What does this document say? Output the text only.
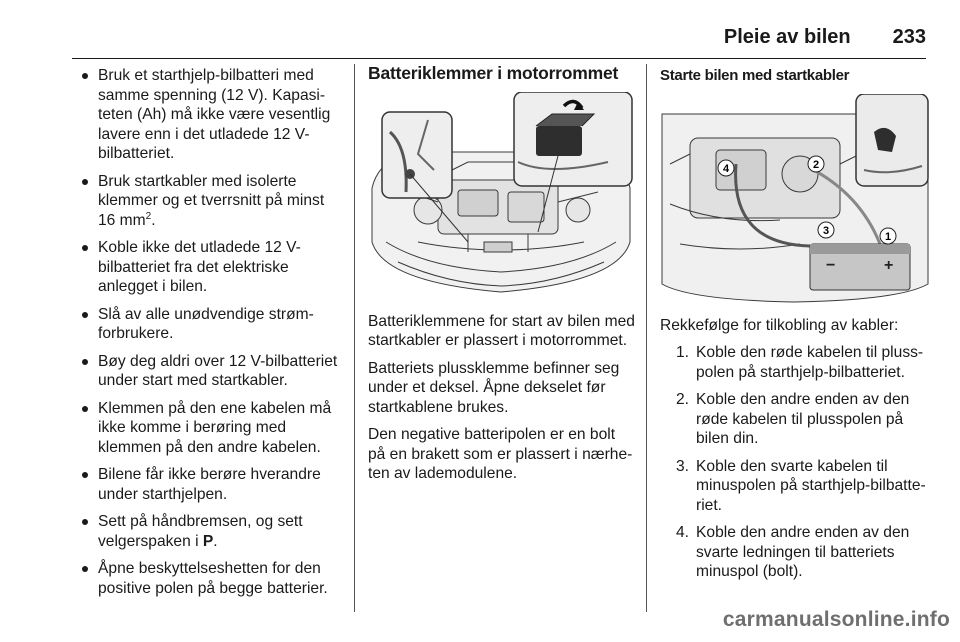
Pleie av bilen 233
Bruk et starthjelp-bilbatteri med samme spenning (12 V). Kapasiteten (Ah) må ikke være vesentlig lavere enn i det utladede 12 V-bilbatteriet.
Bruk startkabler med isolerte klemmer og et tverrsnitt på minst 16 $mm^2$.
Koble ikke det utladede 12 V-bilbatteriet fra det elektriske anlegget i bilen.
Slå av alle unødvendige strømforbrukere.
Bøy deg aldri over 12 V-bilbatteriet under start med startkabler.
Klemmen på den ene kabelen må ikke komme i berøring med klemmen på den andre kabelen.
Bilene får ikke berøre hverandre under starthjelpen.
Sett på håndbremsen, og sett velgerspaken i P.
Åpne beskyttelseshetten for den positive polen på begge batterier.
Batteriklemmer i motorrommet

Batteriklemmene for start av bilen med startkabler er plassert i motorrommet.

Batteriets plussklemme befinner seg under et deksel. Åpne dekselet før startkablene brukes.

Den negative batteripolen er en bolt på en brakett som er plassert i nærheten av lademodulene.

Starte bilen med startkabler
+
−
1
2
3
4

Rekkefølge for tilkobling av kabler:

1. Koble den røde kabelen til plusspolen på starthjelp-bilbatteriet.
2. Koble den andre enden av den røde kabelen til plusspolen på bilen din.
3. Koble den svarte kabelen til minuspolen på starthjelp-bilbatteriet.
4. Koble den andre enden av den svarte ledningen til batteriets minuspol (bolt).
carmanualsonline.info
